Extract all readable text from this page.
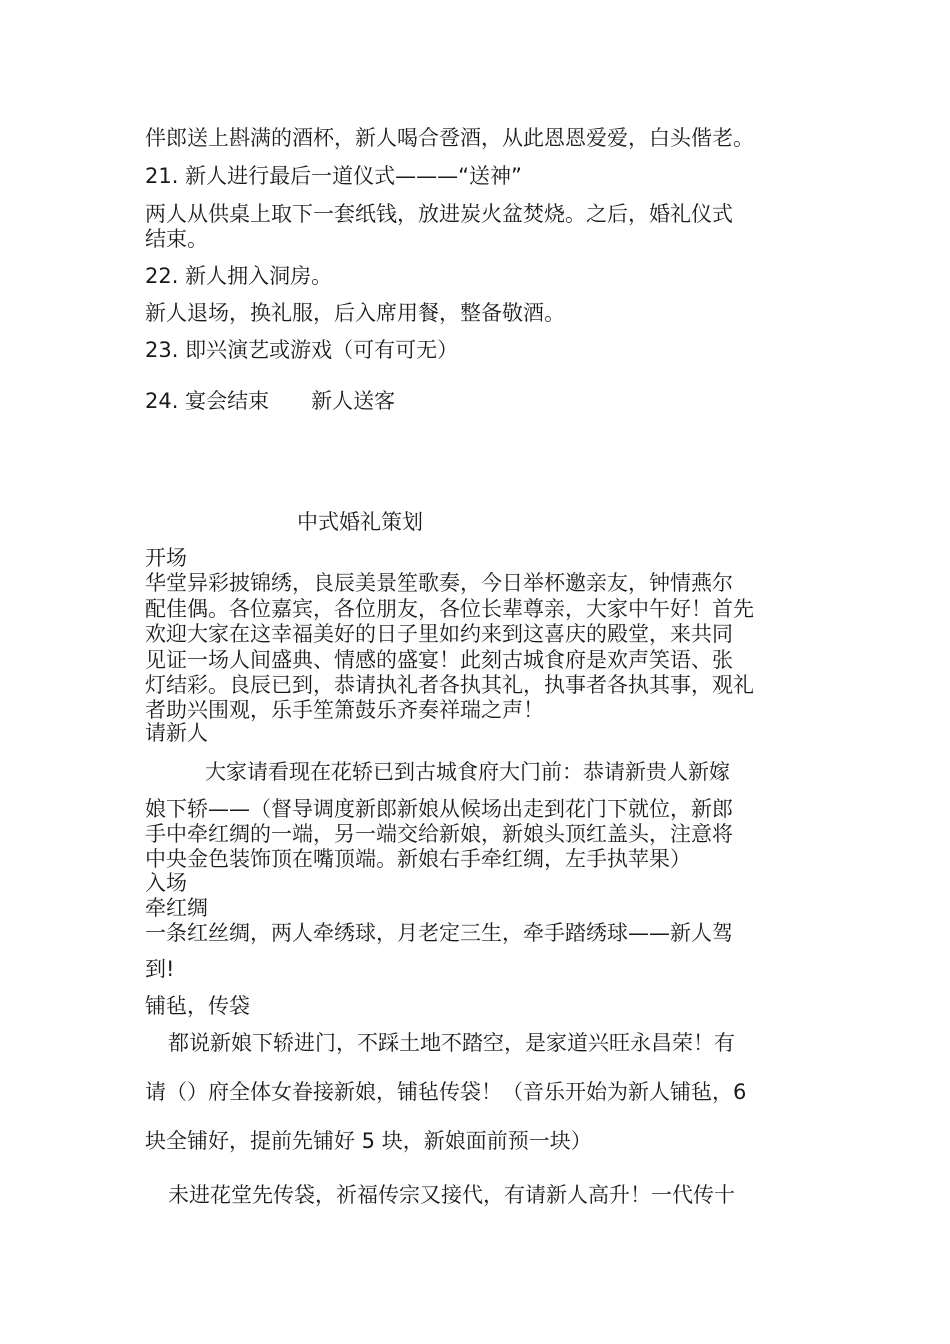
伴郎送上斟满的酒杯，新人喝合卺酒，从此恩恩爱爱，白头偕老。

21. 新人进行最后一道仪式———“送神”

两人从供桌上取下一套纸钱，放进炭火盆焚烧。之后，婚礼仪式

结束。

22. 新人拥入洞房。

新人退场，换礼服，后入席用餐，整备敬酒。

23. 即兴演艺或游戏（可有可无）

24. 宴会结束　　新人送客

中式婚礼策划

开场

华堂异彩披锦绣，良辰美景笙歌奏，今日举杯邀亲友，钟情燕尔

配佳偶。各位嘉宾，各位朋友，各位长辈尊亲，大家中午好！首先

欢迎大家在这幸福美好的日子里如约来到这喜庆的殿堂，来共同

见证一场人间盛典、情感的盛宴！此刻古城食府是欢声笑语、张

灯结彩。良辰已到，恭请执礼者各执其礼，执事者各执其事，观礼

者助兴围观，乐手笙箫鼓乐齐奏祥瑞之声！

请新人

大家请看现在花轿已到古城食府大门前：恭请新贵人新嫁

娘下轿——（督导调度新郎新娘从候场出走到花门下就位，新郎

手中牵红绸的一端，另一端交给新娘，新娘头顶红盖头，注意将

中央金色装饰顶在嘴顶端。新娘右手牵红绸，左手执苹果）

入场

牵红绸

一条红丝绸，两人牵绣球，月老定三生，牵手踏绣球——新人驾

到!

铺毡，传袋

都说新娘下轿进门，不踩土地不踏空，是家道兴旺永昌荣！有

请（）府全体女眷接新娘，铺毡传袋！（音乐开始为新人铺毡，6

块全铺好，提前先铺好 5 块，新娘面前预一块）

未进花堂先传袋，祈福传宗又接代，有请新人高升！一代传十
